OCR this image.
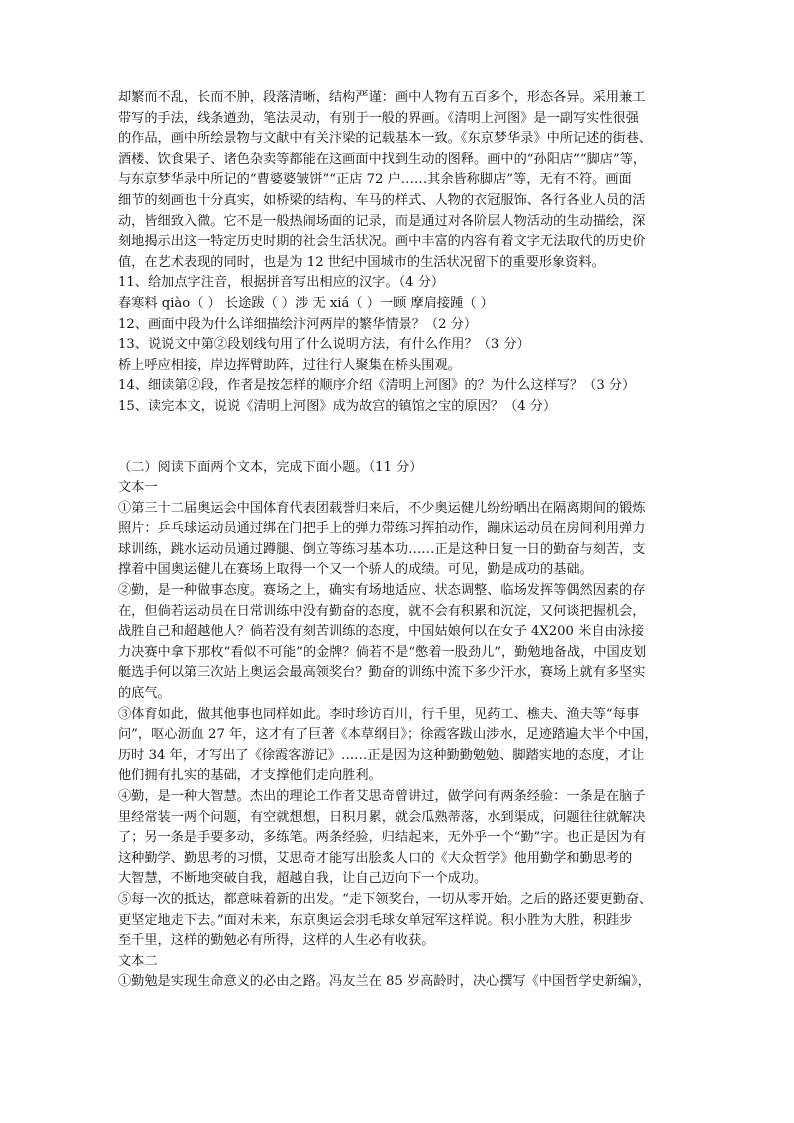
却繁而不乱，长而不肿，段落清晰，结构严谨：画中人物有五百多个，形态各异。采用兼工
带写的手法，线条遒劲，笔法灵动，有别于一般的界画。《清明上河图》是一副写实性很强
的作品，画中所绘景物与文献中有关汴梁的记载基本一致。《东京梦华录》中所记述的街巷、
酒楼、饮食果子、诸色杂卖等都能在这画面中找到生动的图释。画中的“孙阳店”“脚店”等，
与东京梦华录中所记的“曹婆婆皱饼”“正店 72 户……其余皆称脚店”等，无有不符。画面
细节的刻画也十分真实，如桥梁的结构、车马的样式、人物的衣冠服饰、各行各业人员的活
动，皆细致入微。它不是一般热闹场面的记录，而是通过对各阶层人物活动的生动描绘，深
刻地揭示出这一特定历史时期的社会生活状况。画中丰富的内容有着文字无法取代的历史价
值，在艺术表现的同时，也是为 12 世纪中国城市的生活状况留下的重要形象资料。
11、给加点字注音，根据拼音写出相应的汉字。（4 分）
春寒料 qiào（ ） 长途跋（ ）涉 无 xiá（ ）一顾 摩肩接踵（ ）
12、画面中段为什么详细描绘汴河两岸的繁华情景？（2 分）
13、说说文中第②段划线句用了什么说明方法，有什么作用？（3 分）
桥上呼应相接，岸边挥臂助阵，过往行人聚集在桥头围观。
14、细读第②段，作者是按怎样的顺序介绍《清明上河图》的？为什么这样写？（3 分）
15、读完本文，说说《清明上河图》成为故宫的镇馆之宝的原因？（4 分）
（二）阅读下面两个文本，完成下面小题。（11 分）
文本一
①第三十二届奥运会中国体育代表团载誉归来后，不少奥运健儿纷纷晒出在隔离期间的锻炼
照片：乒乓球运动员通过绑在门把手上的弹力带练习挥拍动作，蹦床运动员在房间利用弹力
球训练，跳水运动员通过蹲腿、倒立等练习基本功……正是这种日复一日的勤奋与刻苦，支
撑着中国奥运健儿在赛场上取得一个又一个骄人的成绩。可见，勤是成功的基础。
②勤，是一种做事态度。赛场之上，确实有场地适应、状态调整、临场发挥等偶然因素的存
在，但倘若运动员在日常训练中没有勤奋的态度，就不会有积累和沉淀，又何谈把握机会，
战胜自己和超越他人？倘若没有刻苦训练的态度，中国姑娘何以在女子 4X200 米自由泳接
力决赛中拿下那枚“看似不可能”的金牌？倘若不是“憋着一股劲儿”，勤勉地备战，中国皮划
艇选手何以第三次站上奥运会最高领奖台？勤奋的训练中流下多少汗水，赛场上就有多坚实
的底气。
③体育如此，做其他事也同样如此。李时珍访百川，行千里，见药工、樵夫、渔夫等“每事
问”，呕心沥血 27 年，这才有了巨著《本草纲目》；徐霞客跋山涉水，足迹踏遍大半个中国，
历时 34 年，才写出了《徐霞客游记》……正是因为这种勤勤勉勉、脚踏实地的态度，才让
他们拥有扎实的基础，才支撑他们走向胜利。
④勤，是一种大智慧。杰出的理论工作者艾思奇曾讲过，做学问有两条经验：一条是在脑子
里经常装一两个问题，有空就想想，日积月累，就会瓜熟蒂落，水到渠成，问题往往就解决
了；另一条是手要多动，多练笔。两条经验，归结起来，无外乎一个“勤”字。也正是因为有
这种勤学、勤思考的习惯，艾思奇才能写出脍炙人口的《大众哲学》他用勤学和勤思考的
大智慧，不断地突破自我，超越自我，让自己迈向下一个成功。
⑤每一次的抵达，都意味着新的出发。“走下领奖台，一切从零开始。之后的路还要更勤奋、
更坚定地走下去。”面对未来，东京奥运会羽毛球女单冠军这样说。积小胜为大胜，积跬步
至千里，这样的勤勉必有所得，这样的人生必有收获。
文本二
①勤勉是实现生命意义的必由之路。冯友兰在 85 岁高龄时，决心撰写《中国哲学史新编》，
